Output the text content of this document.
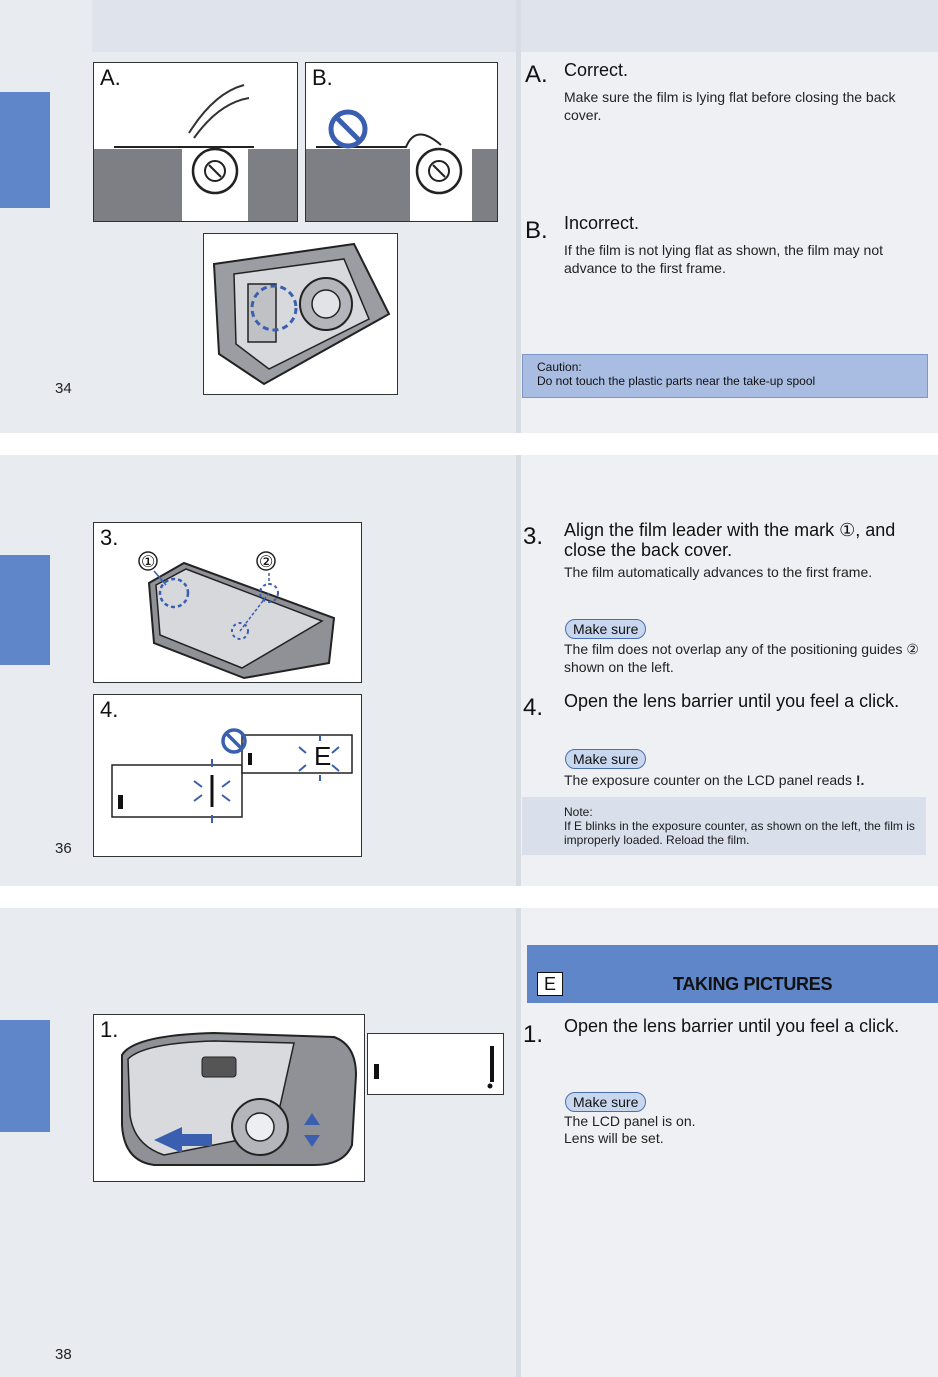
34
A.	B.	A. Correct.
Make sure the film is lying flat before closing the back cover.
B. Incorrect.
If the film is not lying flat as shown, the film may not advance to the first frame.
Caution:
Do not touch the plastic parts near the take-up spool
36
3.
①	②
4.
E
3. Align the film leader with the mark ①, and close the back cover.
The film automatically advances to the first frame.
Make sure
The film does not overlap any of the positioning guides ② shown on the left.
4. Open the lens barrier until you feel a click.
Make sure
The exposure counter on the LCD panel reads !.
Note:
If E blinks in the exposure counter, as shown on the left, the film is improperly loaded. Reload the film.
38
1.
E	TAKING PICTURES
1. Open the lens barrier until you feel a click.
Make sure
The LCD panel is on.
Lens will be set.
